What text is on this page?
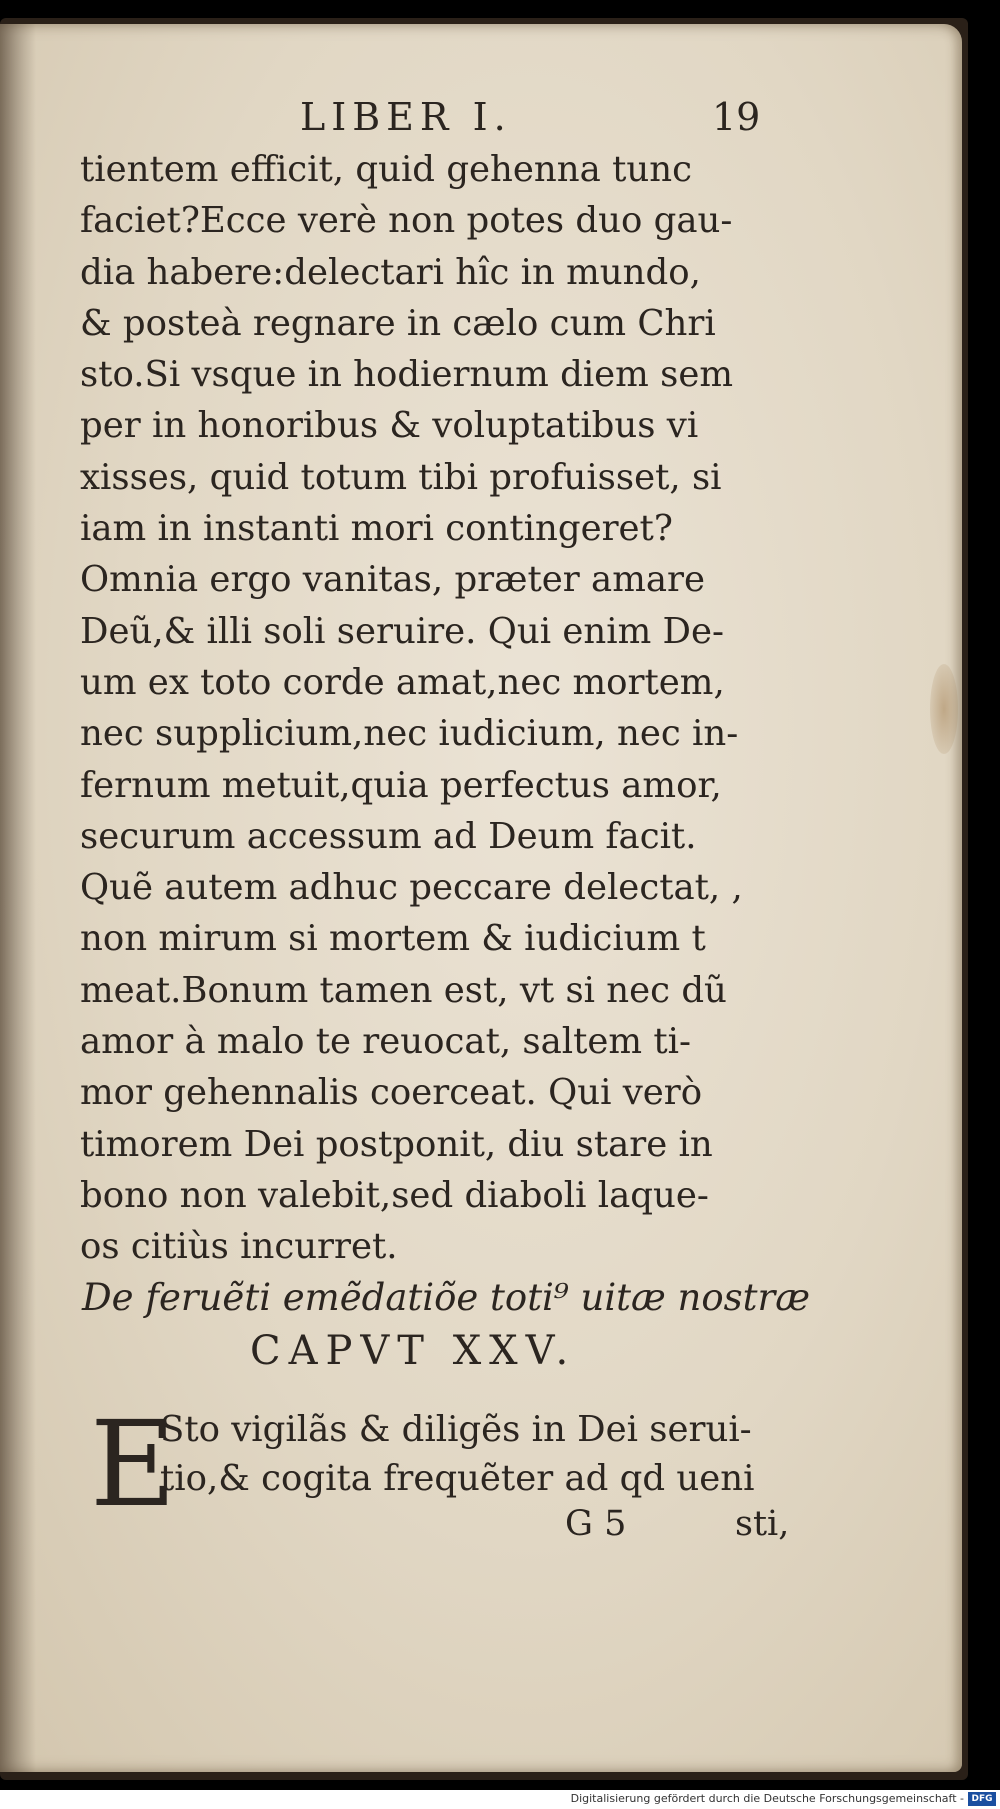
LIBER I.	19
tientem efficit, quid gehenna tunc
faciet?Ecce verè non potes duo gau-
dia habere:delectari hîc in mundo,
& posteà regnare in cælo cum Chri
sto.Si vsque in hodiernum diem sem
per in honoribus & voluptatibus vi
xisses, quid totum tibi profuisset, si
iam in instanti mori contingeret?
Omnia ergo vanitas, præter amare
Deũ,& illi soli seruire. Qui enim De-
um ex toto corde amat,nec mortem,
nec supplicium,nec iudicium, nec in-
fernum metuit,quia perfectus amor,
securum accessum ad Deum facit.
Quẽ autem adhuc peccare delectat, ,
non mirum si mortem & iudicium t
meat.Bonum tamen est, vt si nec dũ
amor à malo te reuocat, saltem ti-
mor gehennalis coerceat. Qui verò
timorem Dei postponit, diu stare in
bono non valebit,sed diaboli laque-
os citiùs incurret.
De feruẽti emẽdatiõe toti⁹ uitæ nostræ
CAPVT XXV.
E
Sto vigilãs & diligẽs in Dei serui-
tio,& cogita frequẽter ad qd ueni
G 5	sti,
Digitalisierung gefördert durch die Deutsche Forschungsgemeinschaft - DFG
